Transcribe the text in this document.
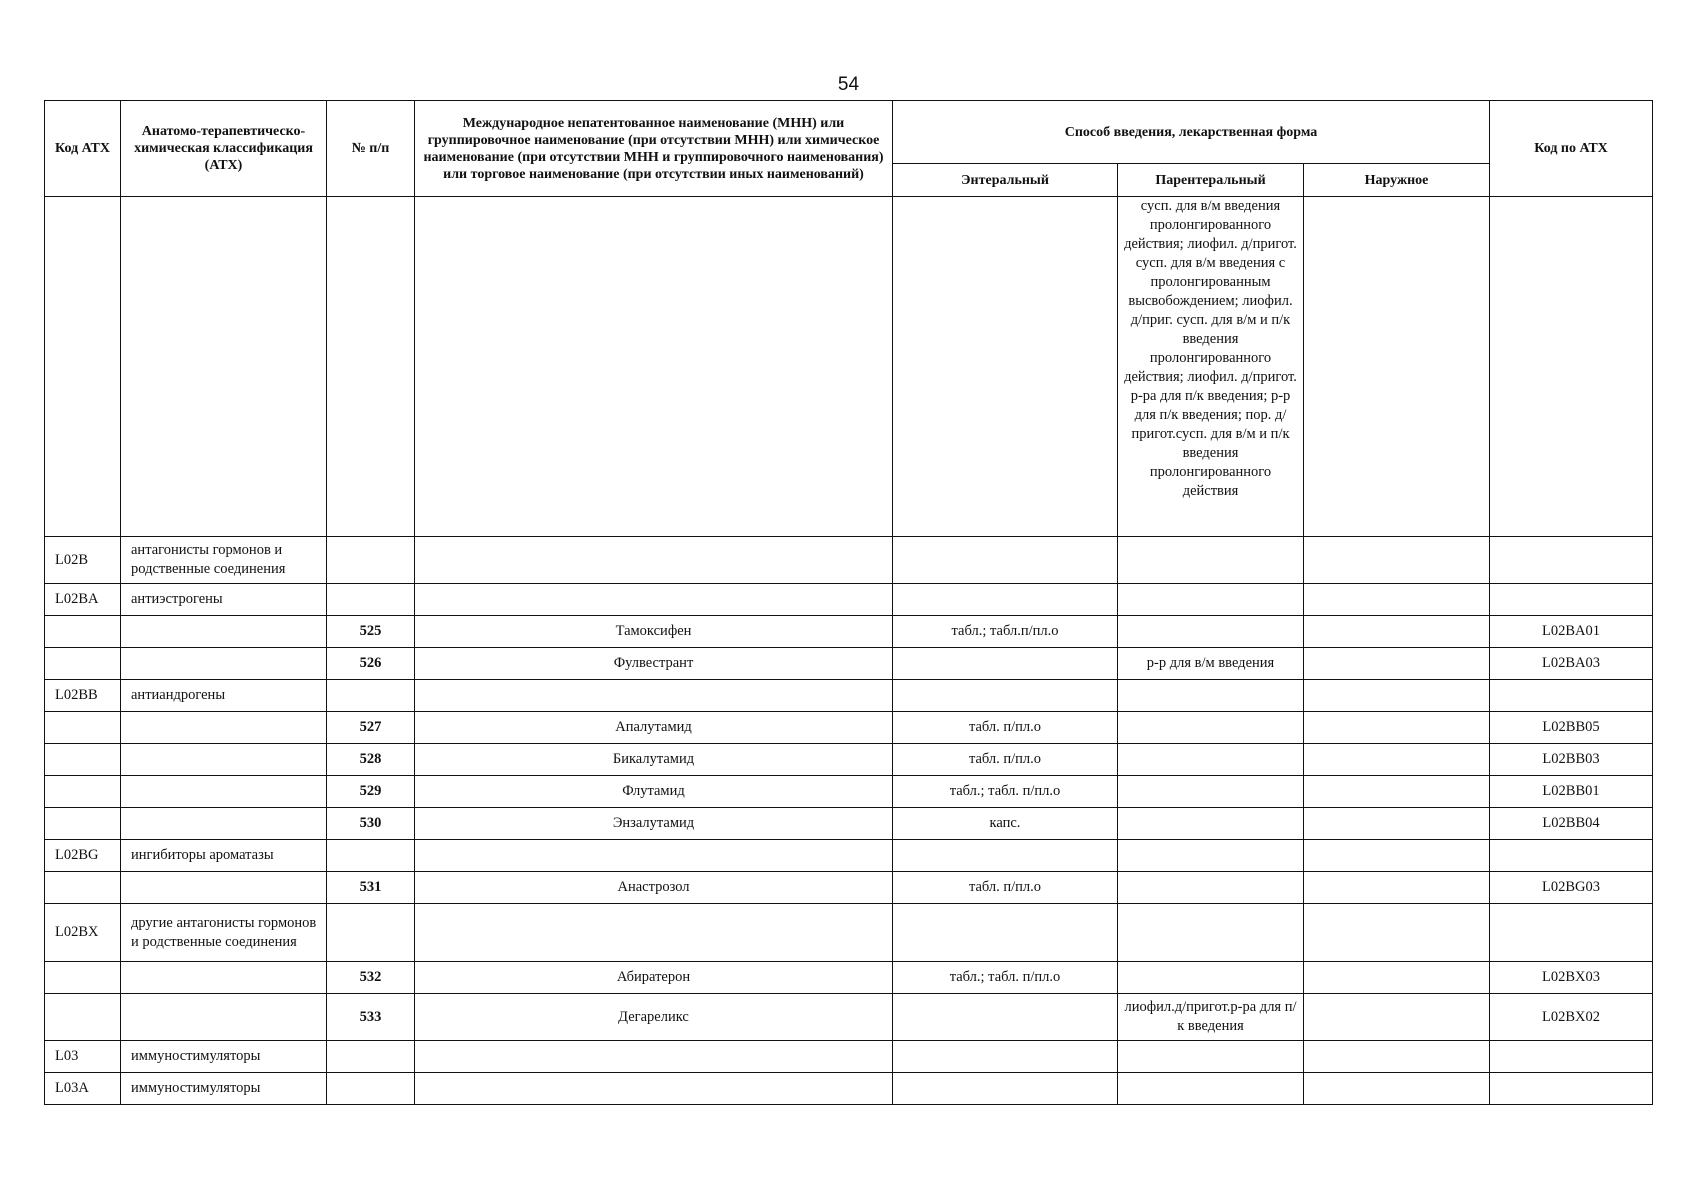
54
Код АТХ	Анатомо-терапевтическо-химическая классификация (АТХ)	№ п/п	Международное непатентованное наименование (МНН) или группировочное наименование (при отсутствии МНН) или химическое наименование (при отсутствии МНН и группировочного наименования) или торговое наименование (при отсутствии иных наименований)	Способ введения, лекарственная форма			Код по АТХ
				Энтеральный	Парентеральный	Наружное	
					сусп. для в/м введения пролонгированного действия; лиофил. д/пригот. сусп. для в/м введения с пролонгированным высвобождением; лиофил. д/приг. сусп. для в/м и п/к введения пролонгированного действия; лиофил. д/пригот. р-ра для п/к введения; р-р для п/к введения; пор. д/пригот.сусп. для в/м и п/к введения пролонгированного действия		
L02B	антагонисты гормонов и родственные соединения						
L02BA	антиэстрогены						
		525	Тамоксифен	табл.; табл.п/пл.о			L02BA01
		526	Фулвестрант		р-р для в/м введения		L02BA03
L02BB	антиандрогены						
		527	Апалутамид	табл. п/пл.о			L02BB05
		528	Бикалутамид	табл. п/пл.о			L02BB03
		529	Флутамид	табл.; табл. п/пл.о			L02BB01
		530	Энзалутамид	капс.			L02BB04
L02BG	ингибиторы ароматазы						
		531	Анастрозол	табл. п/пл.о			L02BG03
L02BX	другие антагонисты гормонов и родственные соединения						
		532	Абиратерон	табл.; табл. п/пл.о			L02BX03
		533	Дегареликс		лиофил.д/пригот.р-ра для п/к введения		L02BX02
L03	иммуностимуляторы						
L03A	иммуностимуляторы						
